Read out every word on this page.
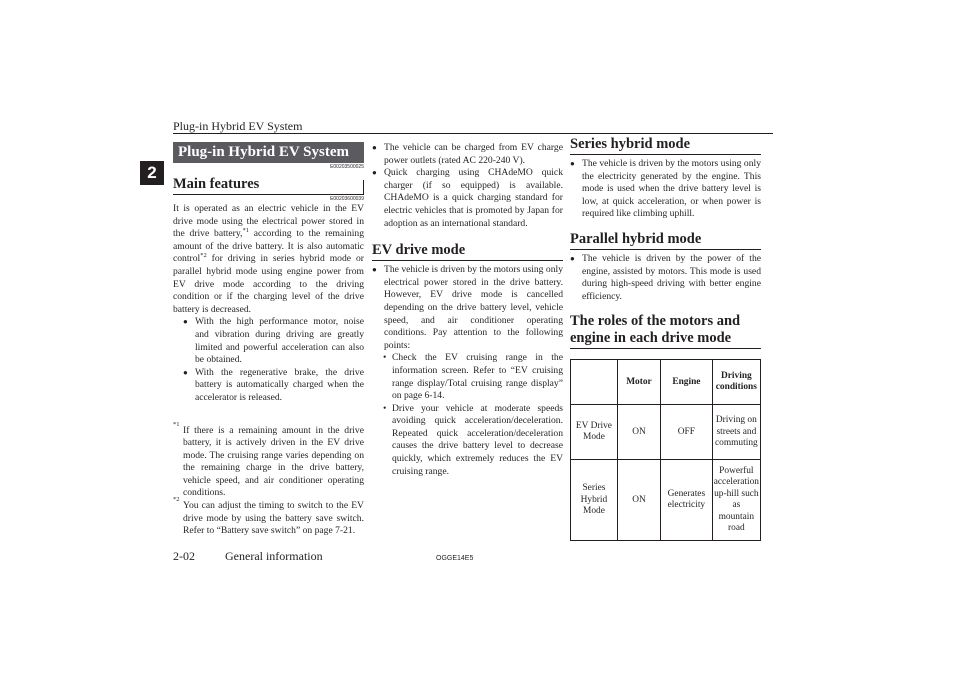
Plug-in Hybrid EV System
2
Plug-in Hybrid EV System
E00203500025
Main features
E00203600039

It is operated as an electric vehicle in the EV drive mode using the electrical power stored in the drive battery,$^{*1}$ according to the remaining amount of the drive battery. It is also automatic control$^{*2}$ for driving in series hybrid mode or parallel hybrid mode using engine power from EV drive mode according to the driving condition or if the charging level of the drive battery is decreased.

● With the high performance motor, noise and vibration during driving are greatly limited and powerful acceleration can also be obtained.

● With the regenerative brake, the drive battery is automatically charged when the accelerator is released.

*1
If there is a remaining amount in the drive battery, it is actively driven in the EV drive mode. The cruising range varies depending on the remaining charge in the drive battery, vehicle speed, and air conditioner operating conditions.

*2
You can adjust the timing to switch to the EV drive mode by using the battery save switch. Refer to “Battery save switch” on page 7-21.

● The vehicle can be charged from EV charge power outlets (rated AC 220-240 V).

● Quick charging using CHAdeMO quick charger (if so equipped) is available. CHAdeMO is a quick charging standard for electric vehicles that is promoted by Japan for adoption as an international standard.

EV drive mode

● The vehicle is driven by the motors using only electrical power stored in the drive battery. However, EV drive mode is cancelled depending on the drive battery level, vehicle speed, and air conditioner operating conditions. Pay attention to the following points:

• Check the EV cruising range in the information screen. Refer to “EV cruising range display/Total cruising range display” on page 6-14.

• Drive your vehicle at moderate speeds avoiding quick acceleration/deceleration. Repeated quick acceleration/deceleration causes the drive battery level to decrease quickly, which extremely reduces the EV cruising range.

Series hybrid mode

● The vehicle is driven by the motors using only the electricity generated by the engine. This mode is used when the drive battery level is low, at quick acceleration, or when power is required like climbing uphill.

Parallel hybrid mode

● The vehicle is driven by the power of the engine, assisted by motors. This mode is used during high-speed driving with better engine efficiency.

The roles of the motors and engine in each drive mode
	Motor	Engine	Driving conditions
EV Drive Mode	ON	OFF	Driving on streets and commuting
Series Hybrid Mode	ON	Generates electricity	Powerful acceleration up-hill such as mountain road
2-02	General information	OGGE14E5
